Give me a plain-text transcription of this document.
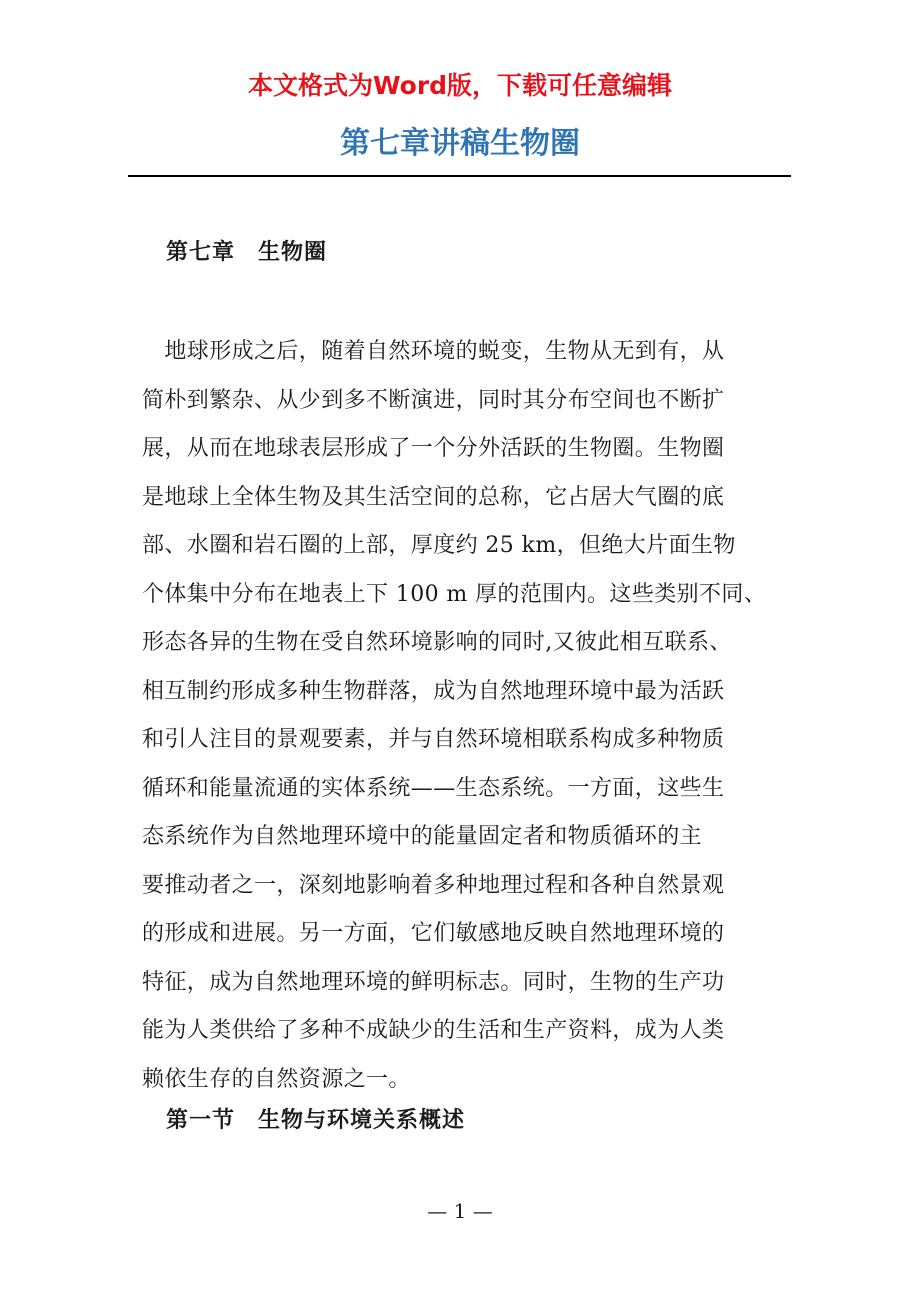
本文格式为Word版，下载可任意编辑

第七章讲稿生物圈
第七章　生物圈
　地球形成之后，随着自然环境的蜕变，生物从无到有，从
简朴到繁杂、从少到多不断演进，同时其分布空间也不断扩
展，从而在地球表层形成了一个分外活跃的生物圈。生物圈
是地球上全体生物及其生活空间的总称，它占居大气圈的底
部、水圈和岩石圈的上部，厚度约 25 km，但绝大片面生物
个体集中分布在地表上下 100 m 厚的范围内。这些类别不同、
形态各异的生物在受自然环境影响的同时,又彼此相互联系、
相互制约形成多种生物群落，成为自然地理环境中最为活跃
和引人注目的景观要素，并与自然环境相联系构成多种物质
循环和能量流通的实体系统——生态系统。一方面，这些生
态系统作为自然地理环境中的能量固定者和物质循环的主
要推动者之一，深刻地影响着多种地理过程和各种自然景观
的形成和进展。另一方面，它们敏感地反映自然地理环境的
特征，成为自然地理环境的鲜明标志。同时，生物的生产功
能为人类供给了多种不成缺少的生活和生产资料，成为人类
赖依生存的自然资源之一。
第一节　生物与环境关系概述

— 1 —
